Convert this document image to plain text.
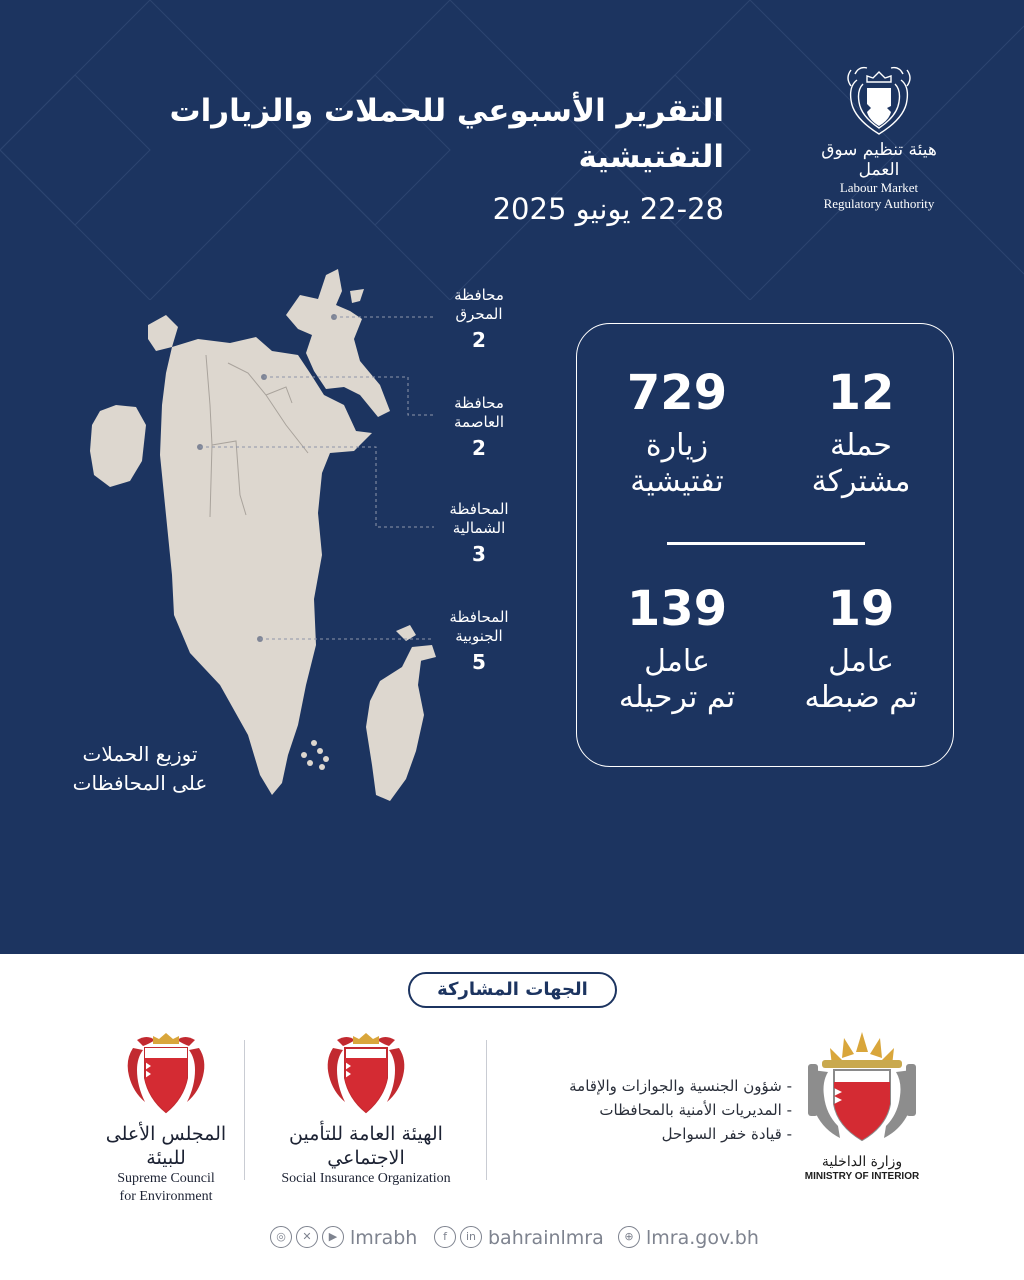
التقرير الأسبوعي للحملات والزيارات التفتيشية
22-28 يونيو 2025
هيئة تنظيم سوق العمل
Labour Market
Regulatory Authority
محافظة
المحرق
2
محافظة
العاصمة
2
المحافظة
الشمالية
3
المحافظة
الجنوبية
5
توزيع الحملات
على المحافظات
12
حملة
مشتركة
729
زيارة
تفتيشية
19
عامل
تم ضبطه
139
عامل
تم ترحيله
الجهات المشاركة
المجلس الأعلى للبيئة
Supreme Council
for Environment
الهيئة العامة للتأمين الاجتماعي
Social Insurance Organization
- شؤون الجنسية والجوازات والإقامة
- المديريات الأمنية بالمحافظات
- قيادة خفر السواحل
وزارة الداخلية
MINISTRY OF INTERIOR
◎	✕	▶ lmrabh	f	in bahrainlmra	⊕ lmra.gov.bh
